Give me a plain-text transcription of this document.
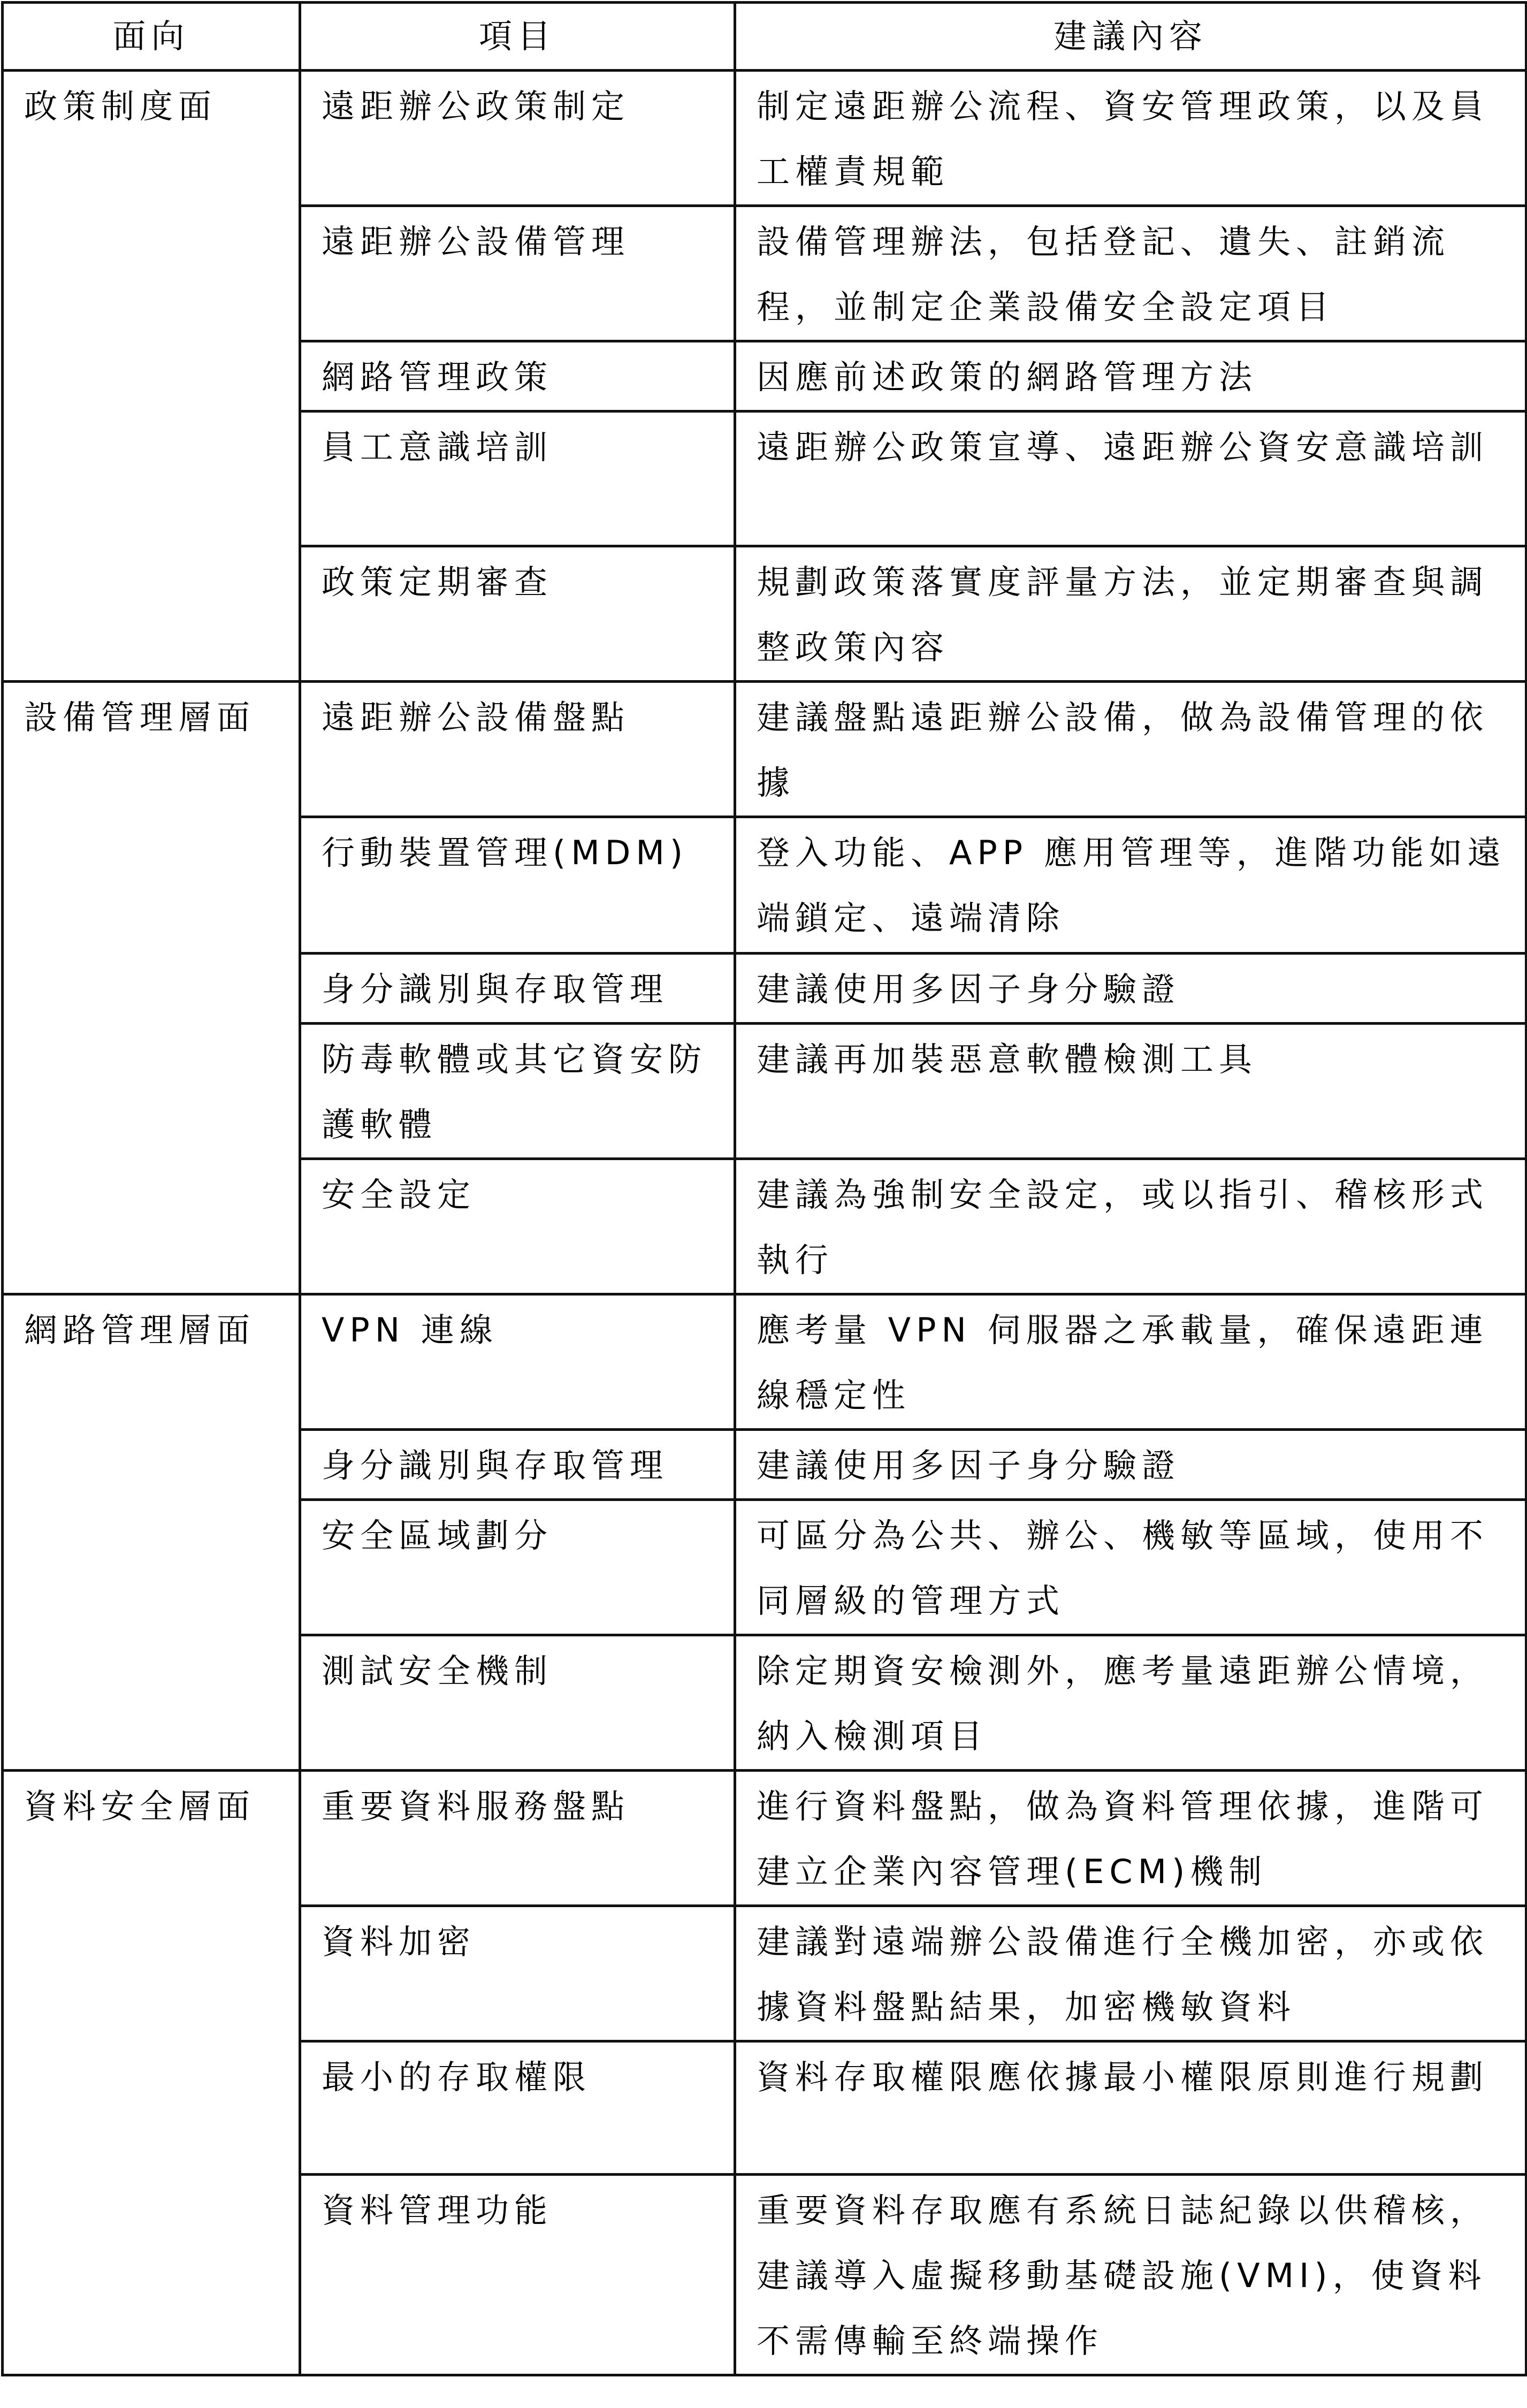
面向	項目	建議內容
政策制度面	遠距辦公政策制定	制定遠距辦公流程、資安管理政策，以及員工權責規範
	遠距辦公設備管理	設備管理辦法，包括登記、遺失、註銷流程，並制定企業設備安全設定項目
	網路管理政策	因應前述政策的網路管理方法
	員工意識培訓	遠距辦公政策宣導、遠距辦公資安意識培訓
	政策定期審查	規劃政策落實度評量方法，並定期審查與調整政策內容
設備管理層面	遠距辦公設備盤點	建議盤點遠距辦公設備，做為設備管理的依據
	行動裝置管理(MDM)	登入功能、APP 應用管理等，進階功能如遠端鎖定、遠端清除
	身分識別與存取管理	建議使用多因子身分驗證
	防毒軟體或其它資安防護軟體	建議再加裝惡意軟體檢測工具
	安全設定	建議為強制安全設定，或以指引、稽核形式執行
網路管理層面	VPN 連線	應考量 VPN 伺服器之承載量，確保遠距連線穩定性
	身分識別與存取管理	建議使用多因子身分驗證
	安全區域劃分	可區分為公共、辦公、機敏等區域，使用不同層級的管理方式
	測試安全機制	除定期資安檢測外，應考量遠距辦公情境，納入檢測項目
資料安全層面	重要資料服務盤點	進行資料盤點，做為資料管理依據，進階可建立企業內容管理(ECM)機制
	資料加密	建議對遠端辦公設備進行全機加密，亦或依據資料盤點結果，加密機敏資料
	最小的存取權限	資料存取權限應依據最小權限原則進行規劃
	資料管理功能	重要資料存取應有系統日誌紀錄以供稽核，建議導入虛擬移動基礎設施(VMI)，使資料不需傳輸至終端操作
